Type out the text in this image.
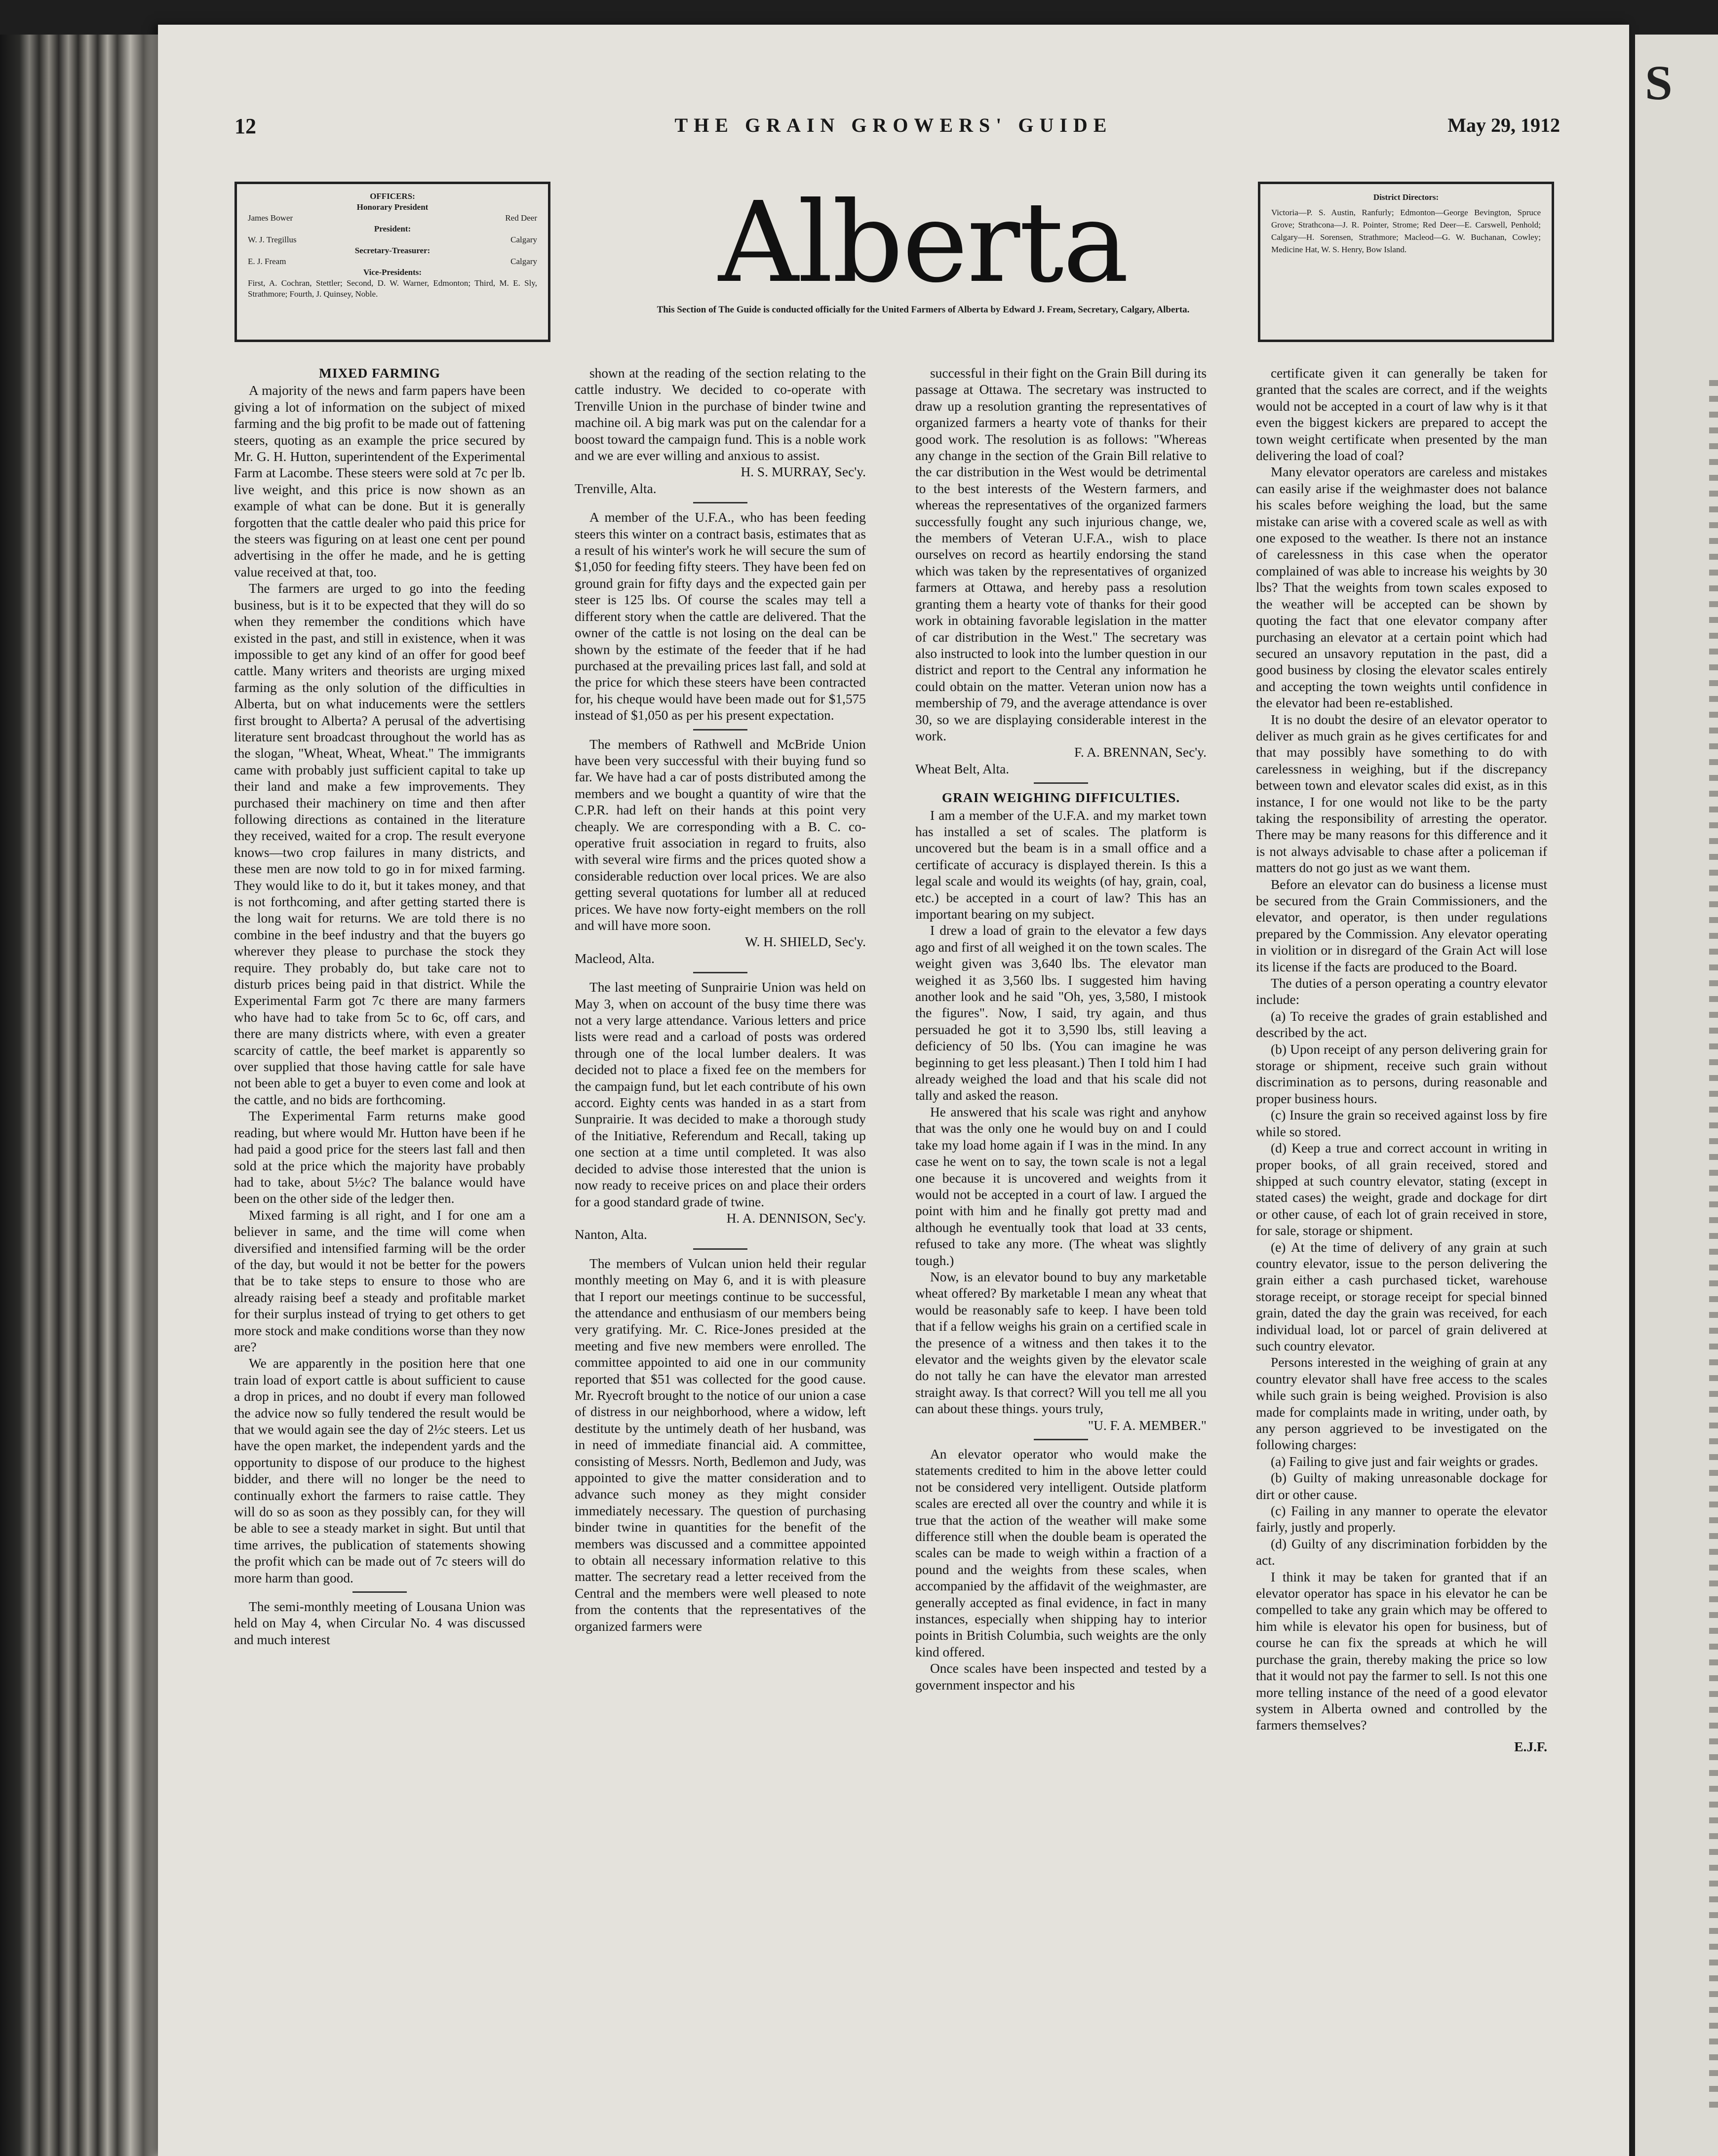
S
12	THE GRAIN GROWERS' GUIDE	May 29, 1912
OFFICERS:
Honorary President
James Bower	Red Deer
President:
W. J. Tregillus	Calgary
Secretary-Treasurer:
E. J. Fream	Calgary
Vice-Presidents:
First, A. Cochran, Stettler; Second, D. W. Warner, Edmonton; Third, M. E. Sly, Strathmore; Fourth, J. Quinsey, Noble.	Alberta
This Section of The Guide is conducted officially for the United Farmers of Alberta by Edward J. Fream, Secretary, Calgary, Alberta.
District Directors:

Victoria—P. S. Austin, Ranfurly; Edmonton—George Bevington, Spruce Grove; Strathcona—J. R. Pointer, Strome; Red Deer—E. Carswell, Penhold; Calgary—H. Sorensen, Strathmore; Macleod—G. W. Buchanan, Cowley; Medicine Hat, W. S. Henry, Bow Island.

MIXED FARMING

A majority of the news and farm papers have been giving a lot of information on the subject of mixed farming and the big profit to be made out of fattening steers, quoting as an example the price secured by Mr. G. H. Hutton, superintendent of the Experimental Farm at Lacombe. These steers were sold at 7c per lb. live weight, and this price is now shown as an example of what can be done. But it is generally forgotten that the cattle dealer who paid this price for the steers was figuring on at least one cent per pound advertising in the offer he made, and he is getting value received at that, too.

The farmers are urged to go into the feeding business, but is it to be expected that they will do so when they remember the conditions which have existed in the past, and still in existence, when it was impossible to get any kind of an offer for good beef cattle. Many writers and theorists are urging mixed farming as the only solution of the difficulties in Alberta, but on what inducements were the settlers first brought to Alberta? A perusal of the advertising literature sent broadcast throughout the world has as the slogan, "Wheat, Wheat, Wheat." The immigrants came with probably just sufficient capital to take up their land and make a few improvements. They purchased their machinery on time and then after following directions as contained in the literature they received, waited for a crop. The result everyone knows—two crop failures in many districts, and these men are now told to go in for mixed farming. They would like to do it, but it takes money, and that is not forthcoming, and after getting started there is the long wait for returns. We are told there is no combine in the beef industry and that the buyers go wherever they please to purchase the stock they require. They probably do, but take care not to disturb prices being paid in that district. While the Experimental Farm got 7c there are many farmers who have had to take from 5c to 6c, off cars, and there are many districts where, with even a greater scarcity of cattle, the beef market is apparently so over supplied that those having cattle for sale have not been able to get a buyer to even come and look at the cattle, and no bids are forthcoming.

The Experimental Farm returns make good reading, but where would Mr. Hutton have been if he had paid a good price for the steers last fall and then sold at the price which the majority have probably had to take, about 5½c? The balance would have been on the other side of the ledger then.

Mixed farming is all right, and I for one am a believer in same, and the time will come when diversified and intensified farming will be the order of the day, but would it not be better for the powers that be to take steps to ensure to those who are already raising beef a steady and profitable market for their surplus instead of trying to get others to get more stock and make conditions worse than they now are?

We are apparently in the position here that one train load of export cattle is about sufficient to cause a drop in prices, and no doubt if every man followed the advice now so fully tendered the result would be that we would again see the day of 2½c steers. Let us have the open market, the independent yards and the opportunity to dispose of our produce to the highest bidder, and there will no longer be the need to continually exhort the farmers to raise cattle. They will do so as soon as they possibly can, for they will be able to see a steady market in sight. But until that time arrives, the publication of statements showing the profit which can be made out of 7c steers will do more harm than good.

The semi-monthly meeting of Lousana Union was held on May 4, when Circular No. 4 was discussed and much interest

shown at the reading of the section relating to the cattle industry. We decided to co-operate with Trenville Union in the purchase of binder twine and machine oil. A big mark was put on the calendar for a boost toward the campaign fund. This is a noble work and we are ever willing and anxious to assist.

H. S. MURRAY, Sec'y.

Trenville, Alta.

A member of the U.F.A., who has been feeding steers this winter on a contract basis, estimates that as a result of his winter's work he will secure the sum of $1,050 for feeding fifty steers. They have been fed on ground grain for fifty days and the expected gain per steer is 125 lbs. Of course the scales may tell a different story when the cattle are delivered. That the owner of the cattle is not losing on the deal can be shown by the estimate of the feeder that if he had purchased at the prevailing prices last fall, and sold at the price for which these steers have been contracted for, his cheque would have been made out for $1,575 instead of $1,050 as per his present expectation.

The members of Rathwell and McBride Union have been very successful with their buying fund so far. We have had a car of posts distributed among the members and we bought a quantity of wire that the C.P.R. had left on their hands at this point very cheaply. We are corresponding with a B. C. co-operative fruit association in regard to fruits, also with several wire firms and the prices quoted show a considerable reduction over local prices. We are also getting several quotations for lumber all at reduced prices. We have now forty-eight members on the roll and will have more soon.

W. H. SHIELD, Sec'y.

Macleod, Alta.

The last meeting of Sunprairie Union was held on May 3, when on account of the busy time there was not a very large attendance. Various letters and price lists were read and a carload of posts was ordered through one of the local lumber dealers. It was decided not to place a fixed fee on the members for the campaign fund, but let each contribute of his own accord. Eighty cents was handed in as a start from Sunprairie. It was decided to make a thorough study of the Initiative, Referendum and Recall, taking up one section at a time until completed. It was also decided to advise those interested that the union is now ready to receive prices on and place their orders for a good standard grade of twine.

H. A. DENNISON, Sec'y.

Nanton, Alta.

The members of Vulcan union held their regular monthly meeting on May 6, and it is with pleasure that I report our meetings continue to be successful, the attendance and enthusiasm of our members being very gratifying. Mr. C. Rice-Jones presided at the meeting and five new members were enrolled. The committee appointed to aid one in our community reported that $51 was collected for the good cause. Mr. Ryecroft brought to the notice of our union a case of distress in our neighborhood, where a widow, left destitute by the untimely death of her husband, was in need of immediate financial aid. A committee, consisting of Messrs. North, Bedlemon and Judy, was appointed to give the matter consideration and to advance such money as they might consider immediately necessary. The question of purchasing binder twine in quantities for the benefit of the members was discussed and a committee appointed to obtain all necessary information relative to this matter. The secretary read a letter received from the Central and the members were well pleased to note from the contents that the representatives of the organized farmers were

successful in their fight on the Grain Bill during its passage at Ottawa. The secretary was instructed to draw up a resolution granting the representatives of organized farmers a hearty vote of thanks for their good work. The resolution is as follows: "Whereas any change in the section of the Grain Bill relative to the car distribution in the West would be detrimental to the best interests of the Western farmers, and whereas the representatives of the organized farmers successfully fought any such injurious change, we, the members of Veteran U.F.A., wish to place ourselves on record as heartily endorsing the stand which was taken by the representatives of organized farmers at Ottawa, and hereby pass a resolution granting them a hearty vote of thanks for their good work in obtaining favorable legislation in the matter of car distribution in the West." The secretary was also instructed to look into the lumber question in our district and report to the Central any information he could obtain on the matter. Veteran union now has a membership of 79, and the average attendance is over 30, so we are displaying considerable interest in the work.

F. A. BRENNAN, Sec'y.

Wheat Belt, Alta.

GRAIN WEIGHING DIFFICULTIES.

I am a member of the U.F.A. and my market town has installed a set of scales. The platform is uncovered but the beam is in a small office and a certificate of accuracy is displayed therein. Is this a legal scale and would its weights (of hay, grain, coal, etc.) be accepted in a court of law? This has an important bearing on my subject.

I drew a load of grain to the elevator a few days ago and first of all weighed it on the town scales. The weight given was 3,640 lbs. The elevator man weighed it as 3,560 lbs. I suggested him having another look and he said "Oh, yes, 3,580, I mistook the figures". Now, I said, try again, and thus persuaded he got it to 3,590 lbs, still leaving a deficiency of 50 lbs. (You can imagine he was beginning to get less pleasant.) Then I told him I had already weighed the load and that his scale did not tally and asked the reason.

He answered that his scale was right and anyhow that was the only one he would buy on and I could take my load home again if I was in the mind. In any case he went on to say, the town scale is not a legal one because it is uncovered and weights from it would not be accepted in a court of law. I argued the point with him and he finally got pretty mad and although he eventually took that load at 33 cents, refused to take any more. (The wheat was slightly tough.)

Now, is an elevator bound to buy any marketable wheat offered? By marketable I mean any wheat that would be reasonably safe to keep. I have been told that if a fellow weighs his grain on a certified scale in the presence of a witness and then takes it to the elevator and the weights given by the elevator scale do not tally he can have the elevator man arrested straight away. Is that correct? Will you tell me all you can about these things. yours truly,

"U. F. A. MEMBER."

An elevator operator who would make the statements credited to him in the above letter could not be considered very intelligent. Outside platform scales are erected all over the country and while it is true that the action of the weather will make some difference still when the double beam is operated the scales can be made to weigh within a fraction of a pound and the weights from these scales, when accompanied by the affidavit of the weighmaster, are generally accepted as final evidence, in fact in many instances, especially when shipping hay to interior points in British Columbia, such weights are the only kind offered.

Once scales have been inspected and tested by a government inspector and his

certificate given it can generally be taken for granted that the scales are correct, and if the weights would not be accepted in a court of law why is it that even the biggest kickers are prepared to accept the town weight certificate when presented by the man delivering the load of coal?

Many elevator operators are careless and mistakes can easily arise if the weighmaster does not balance his scales before weighing the load, but the same mistake can arise with a covered scale as well as with one exposed to the weather. Is there not an instance of carelessness in this case when the operator complained of was able to increase his weights by 30 lbs? That the weights from town scales exposed to the weather will be accepted can be shown by quoting the fact that one elevator company after purchasing an elevator at a certain point which had secured an unsavory reputation in the past, did a good business by closing the elevator scales entirely and accepting the town weights until confidence in the elevator had been re-established.

It is no doubt the desire of an elevator operator to deliver as much grain as he gives certificates for and that may possibly have something to do with carelessness in weighing, but if the discrepancy between town and elevator scales did exist, as in this instance, I for one would not like to be the party taking the responsibility of arresting the operator. There may be many reasons for this difference and it is not always advisable to chase after a policeman if matters do not go just as we want them.

Before an elevator can do business a license must be secured from the Grain Commissioners, and the elevator, and operator, is then under regulations prepared by the Commission. Any elevator operating in violition or in disregard of the Grain Act will lose its license if the facts are produced to the Board.

The duties of a person operating a country elevator include:

(a) To receive the grades of grain established and described by the act.

(b) Upon receipt of any person delivering grain for storage or shipment, receive such grain without discrimination as to persons, during reasonable and proper business hours.

(c) Insure the grain so received against loss by fire while so stored.

(d) Keep a true and correct account in writing in proper books, of all grain received, stored and shipped at such country elevator, stating (except in stated cases) the weight, grade and dockage for dirt or other cause, of each lot of grain received in store, for sale, storage or shipment.

(e) At the time of delivery of any grain at such country elevator, issue to the person delivering the grain either a cash purchased ticket, warehouse storage receipt, or storage receipt for special binned grain, dated the day the grain was received, for each individual load, lot or parcel of grain delivered at such country elevator.

Persons interested in the weighing of grain at any country elevator shall have free access to the scales while such grain is being weighed. Provision is also made for complaints made in writing, under oath, by any person aggrieved to be investigated on the following charges:

(a) Failing to give just and fair weights or grades.

(b) Guilty of making unreasonable dockage for dirt or other cause.

(c) Failing in any manner to operate the elevator fairly, justly and properly.

(d) Guilty of any discrimination forbidden by the act.

I think it may be taken for granted that if an elevator operator has space in his elevator he can be compelled to take any grain which may be offered to him while is elevator his open for business, but of course he can fix the spreads at which he will purchase the grain, thereby making the price so low that it would not pay the farmer to sell. Is not this one more telling instance of the need of a good elevator system in Alberta owned and controlled by the farmers themselves?

E.J.F.
